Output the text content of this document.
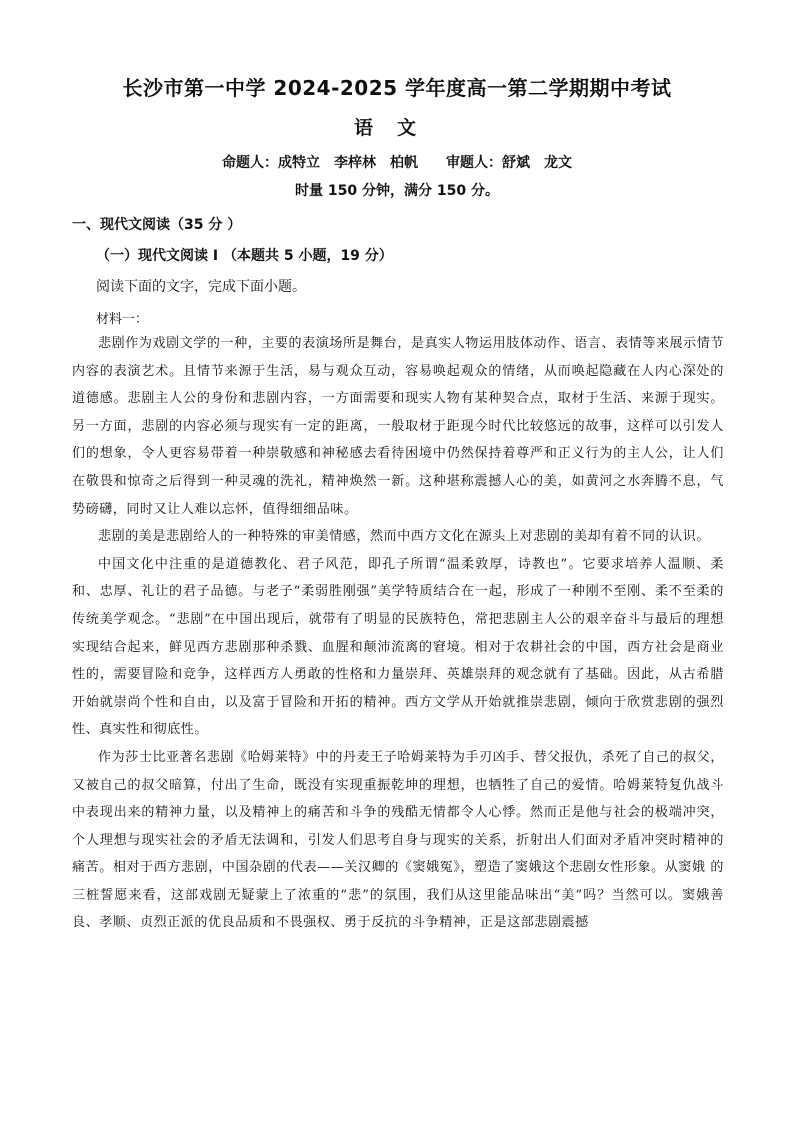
长沙市第一中学 2024-2025 学年度高一第二学期期中考试
语文
命题人：成特立　李梓林　柏帆　　审题人：舒斌　龙文
时量 150 分钟，满分 150 分。
一、现代文阅读（35 分 ）
（一）现代文阅读 I （本题共 5 小题，19 分）
阅读下面的文字，完成下面小题。
材料一：

悲剧作为戏剧文学的一种，主要的表演场所是舞台，是真实人物运用肢体动作、语言、表情等来展示情节内容的表演艺术。且情节来源于生活，易与观众互动，容易唤起观众的情绪，从而唤起隐藏在人内心深处的道德感。悲剧主人公的身份和悲剧内容，一方面需要和现实人物有某种契合点，取材于生活、来源于现实。另一方面，悲剧的内容必须与现实有一定的距离，一般取材于距现今时代比较悠远的故事，这样可以引发人们的想象，令人更容易带着一种崇敬感和神秘感去看待困境中仍然保持着尊严和正义行为的主人公，让人们在敬畏和惊奇之后得到一种灵魂的洗礼，精神焕然一新。这种堪称震撼人心的美，如黄河之水奔腾不息，气势磅礴，同时又让人难以忘怀，值得细细品味。

悲剧的美是悲剧给人的一种特殊的审美情感，然而中西方文化在源头上对悲剧的美却有着不同的认识。

中国文化中注重的是道德教化、君子风范，即孔子所谓“温柔敦厚，诗教也”。它要求培养人温顺、柔和、忠厚、礼让的君子品德。与老子“柔弱胜刚强”美学特质结合在一起，形成了一种刚不至刚、柔不至柔的传统美学观念。“悲剧”在中国出现后，就带有了明显的民族特色，常把悲剧主人公的艰辛奋斗与最后的理想实现结合起来，鲜见西方悲剧那种杀戮、血腥和颠沛流离的窘境。相对于农耕社会的中国，西方社会是商业性的，需要冒险和竞争，这样西方人勇敢的性格和力量崇拜、英雄崇拜的观念就有了基础。因此，从古希腊开始就崇尚个性和自由，以及富于冒险和开拓的精神。西方文学从开始就推崇悲剧，倾向于欣赏悲剧的强烈性、真实性和彻底性。

作为莎士比亚著名悲剧《哈姆莱特》中的丹麦王子哈姆莱特为手刃凶手、替父报仇，杀死了自己的叔父，又被自己的叔父暗算，付出了生命，既没有实现重振乾坤的理想，也牺牲了自己的爱情。哈姆莱特复仇战斗中表现出来的精神力量，以及精神上的痛苦和斗争的残酷无情都令人心悸。然而正是他与社会的极端冲突，个人理想与现实社会的矛盾无法调和，引发人们思考自身与现实的关系，折射出人们面对矛盾冲突时精神的痛苦。相对于西方悲剧，中国杂剧的代表——关汉卿的《窦娥冤》，塑造了窦娥这个悲剧女性形象。从窦娥 的三桩誓愿来看，这部戏剧无疑蒙上了浓重的“悲”的氛围，我们从这里能品味出“美”吗？当然可以。窦娥善良、孝顺、贞烈正派的优良品质和不畏强权、勇于反抗的斗争精神，正是这部悲剧震撼
